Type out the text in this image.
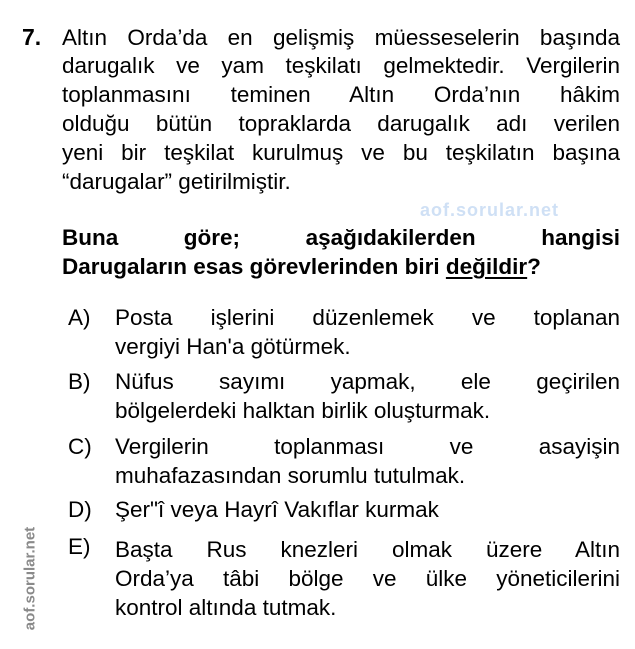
aof.sorular.net
aof.sorular.net
7. Altın Orda’da en gelişmiş müesseselerin başında
darugalık ve yam teşkilatı gelmektedir. Vergilerin
toplanmasını teminen Altın Orda’nın hâkim
olduğu bütün topraklarda darugalık adı verilen
yeni bir teşkilat kurulmuş ve bu teşkilatın başına
“darugalar” getirilmiştir.
Buna göre; aşağıdakilerden hangisi
Darugaların esas görevlerinden biri değildir?
A) Posta işlerini düzenlemek ve toplanan
vergiyi Han'a götürmek.
B) Nüfus sayımı yapmak, ele geçirilen
bölgelerdeki halktan birlik oluşturmak.
C) Vergilerin toplanması ve asayişin
muhafazasından sorumlu tutulmak.
D) Şer"î veya Hayrî Vakıflar kurmak
E) Başta Rus knezleri olmak üzere Altın
Orda’ya tâbi bölge ve ülke yöneticilerini
kontrol altında tutmak.
